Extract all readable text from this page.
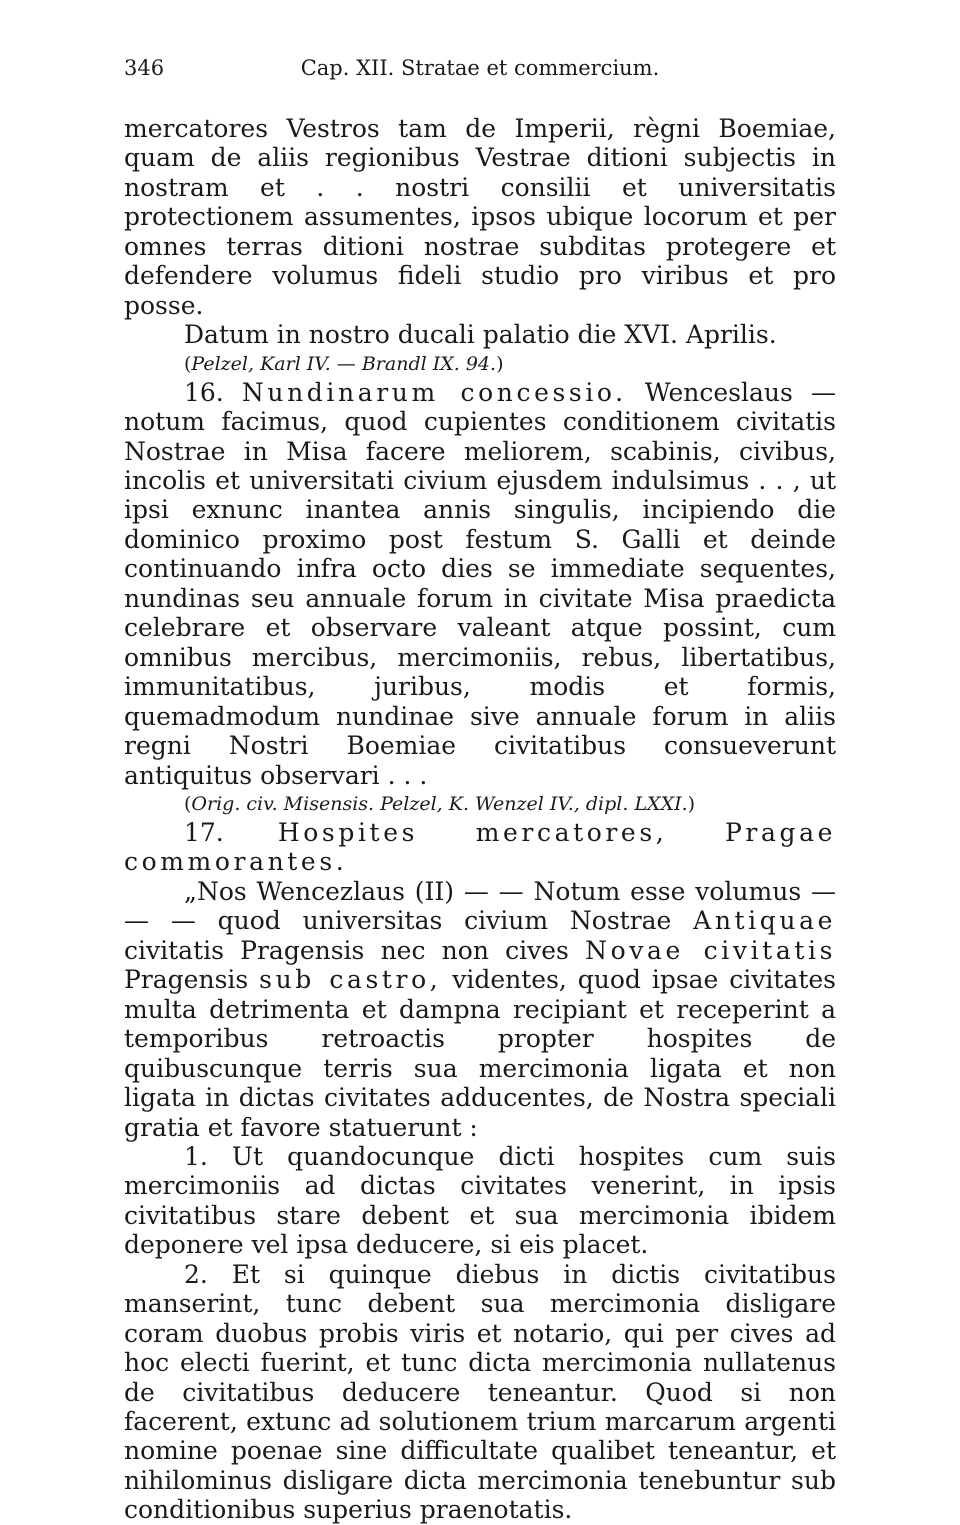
346	Cap. XII. Stratae et commercium.

mercatores Vestros tam de Imperii, règni Boemiae, quam de aliis regionibus Vestrae ditioni subjectis in nostram et . . nostri consilii et universitatis protectionem assumentes, ipsos ubique locorum et per omnes terras ditioni nostrae subditas protegere et defendere volumus fideli studio pro viribus et pro posse.

Datum in nostro ducali palatio die XVI. Aprilis.

(Pelzel, Karl IV. — Brandl IX. 94.)

16. Nundinarum concessio. Wenceslaus — notum facimus, quod cupientes conditionem civitatis Nostrae in Misa facere meliorem, scabinis, civibus, incolis et universitati civium ejusdem indulsimus . . , ut ipsi exnunc inantea annis singulis, incipiendo die dominico proximo post festum S. Galli et deinde continuando infra octo dies se immediate sequentes, nundinas seu annuale forum in civitate Misa praedicta celebrare et observare valeant atque possint, cum omnibus mercibus, mercimoniis, rebus, libertatibus, immunitatibus, juribus, modis et formis, quemadmodum nundinae sive annuale forum in aliis regni Nostri Boemiae civitatibus consueverunt antiquitus observari . . .

(Orig. civ. Misensis. Pelzel, K. Wenzel IV., dipl. LXXI.)

17. Hospites mercatores, Pragae commorantes.

„Nos Wencezlaus (II) — — Notum esse volumus — — — quod universitas civium Nostrae Antiquae civitatis Pragensis nec non cives Novae civitatis Pragensis sub castro, videntes, quod ipsae civitates multa detrimenta et dampna recipiant et receperint a temporibus retroactis propter hospites de quibuscunque terris sua mercimonia ligata et non ligata in dictas civitates adducentes, de Nostra speciali gratia et favore statuerunt :

1. Ut quandocunque dicti hospites cum suis mercimoniis ad dictas civitates venerint, in ipsis civitatibus stare debent et sua mercimonia ibidem deponere vel ipsa deducere, si eis placet.

2. Et si quinque diebus in dictis civitatibus manserint, tunc debent sua mercimonia disligare coram duobus probis viris et notario, qui per cives ad hoc electi fuerint, et tunc dicta mercimonia nullatenus de civitatibus deducere teneantur. Quod si non facerent, extunc ad solutionem trium marcarum argenti nomine poenae sine difficultate qualibet teneantur, et nihilominus disligare dicta mercimonia tenebuntur sub conditionibus superius praenotatis.
